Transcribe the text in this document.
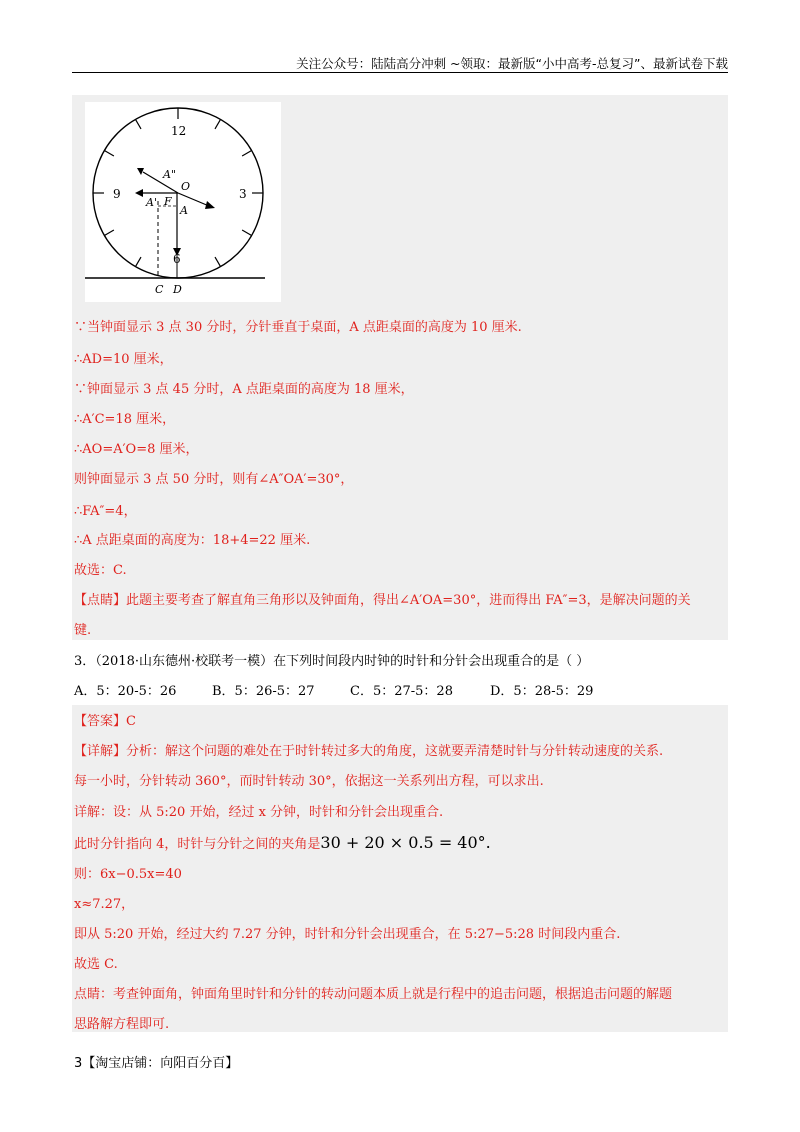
关注公众号：陆陆高分冲刺 ~领取：最新版“小中高考-总复习”、最新试卷下载
12
3
9
6
O
A
A'
A"
F
C D
∵当钟面显示 3 点 30 分时，分针垂直于桌面，A 点距桌面的高度为 10 厘米.
∴AD=10 厘米，
∵钟面显示 3 点 45 分时，A 点距桌面的高度为 18 厘米，
∴A′C=18 厘米，
∴AO=A′O=8 厘米，
则钟面显示 3 点 50 分时，则有∠A″OA′=30°，
∴FA″=4，
∴A 点距桌面的高度为：18+4=22 厘米.
故选：C.
【点睛】此题主要考查了解直角三角形以及钟面角，得出∠A′OA=30°，进而得出 FA″=3，是解决问题的关
键.
3．（2018·山东德州·校联考一模）在下列时间段内时钟的时针和分针会出现重合的是（ ）
A．5：20-5：26	B．5：26-5：27	C．5：27-5：28	D．5：28-5：29
【答案】C
【详解】分析：解这个问题的难处在于时针转过多大的角度，这就要弄清楚时针与分针转动速度的关系.
每一小时，分针转动 360°，而时针转动 30°，依据这一关系列出方程，可以求出.
详解：设：从 5:20 开始，经过 x 分钟，时针和分针会出现重合.
此时分针指向 4，时针与分针之间的夹角是30 + 20 × 0.5 = 40°.
则：6x−0.5x=40
x≈7.27，
即从 5:20 开始，经过大约 7.27 分钟，时针和分针会出现重合，在 5:27−5:28 时间段内重合.
故选 C.
点睛：考查钟面角，钟面角里时针和分针的转动问题本质上就是行程中的追击问题，根据追击问题的解题
思路解方程即可.
3【淘宝店铺：向阳百分百】
